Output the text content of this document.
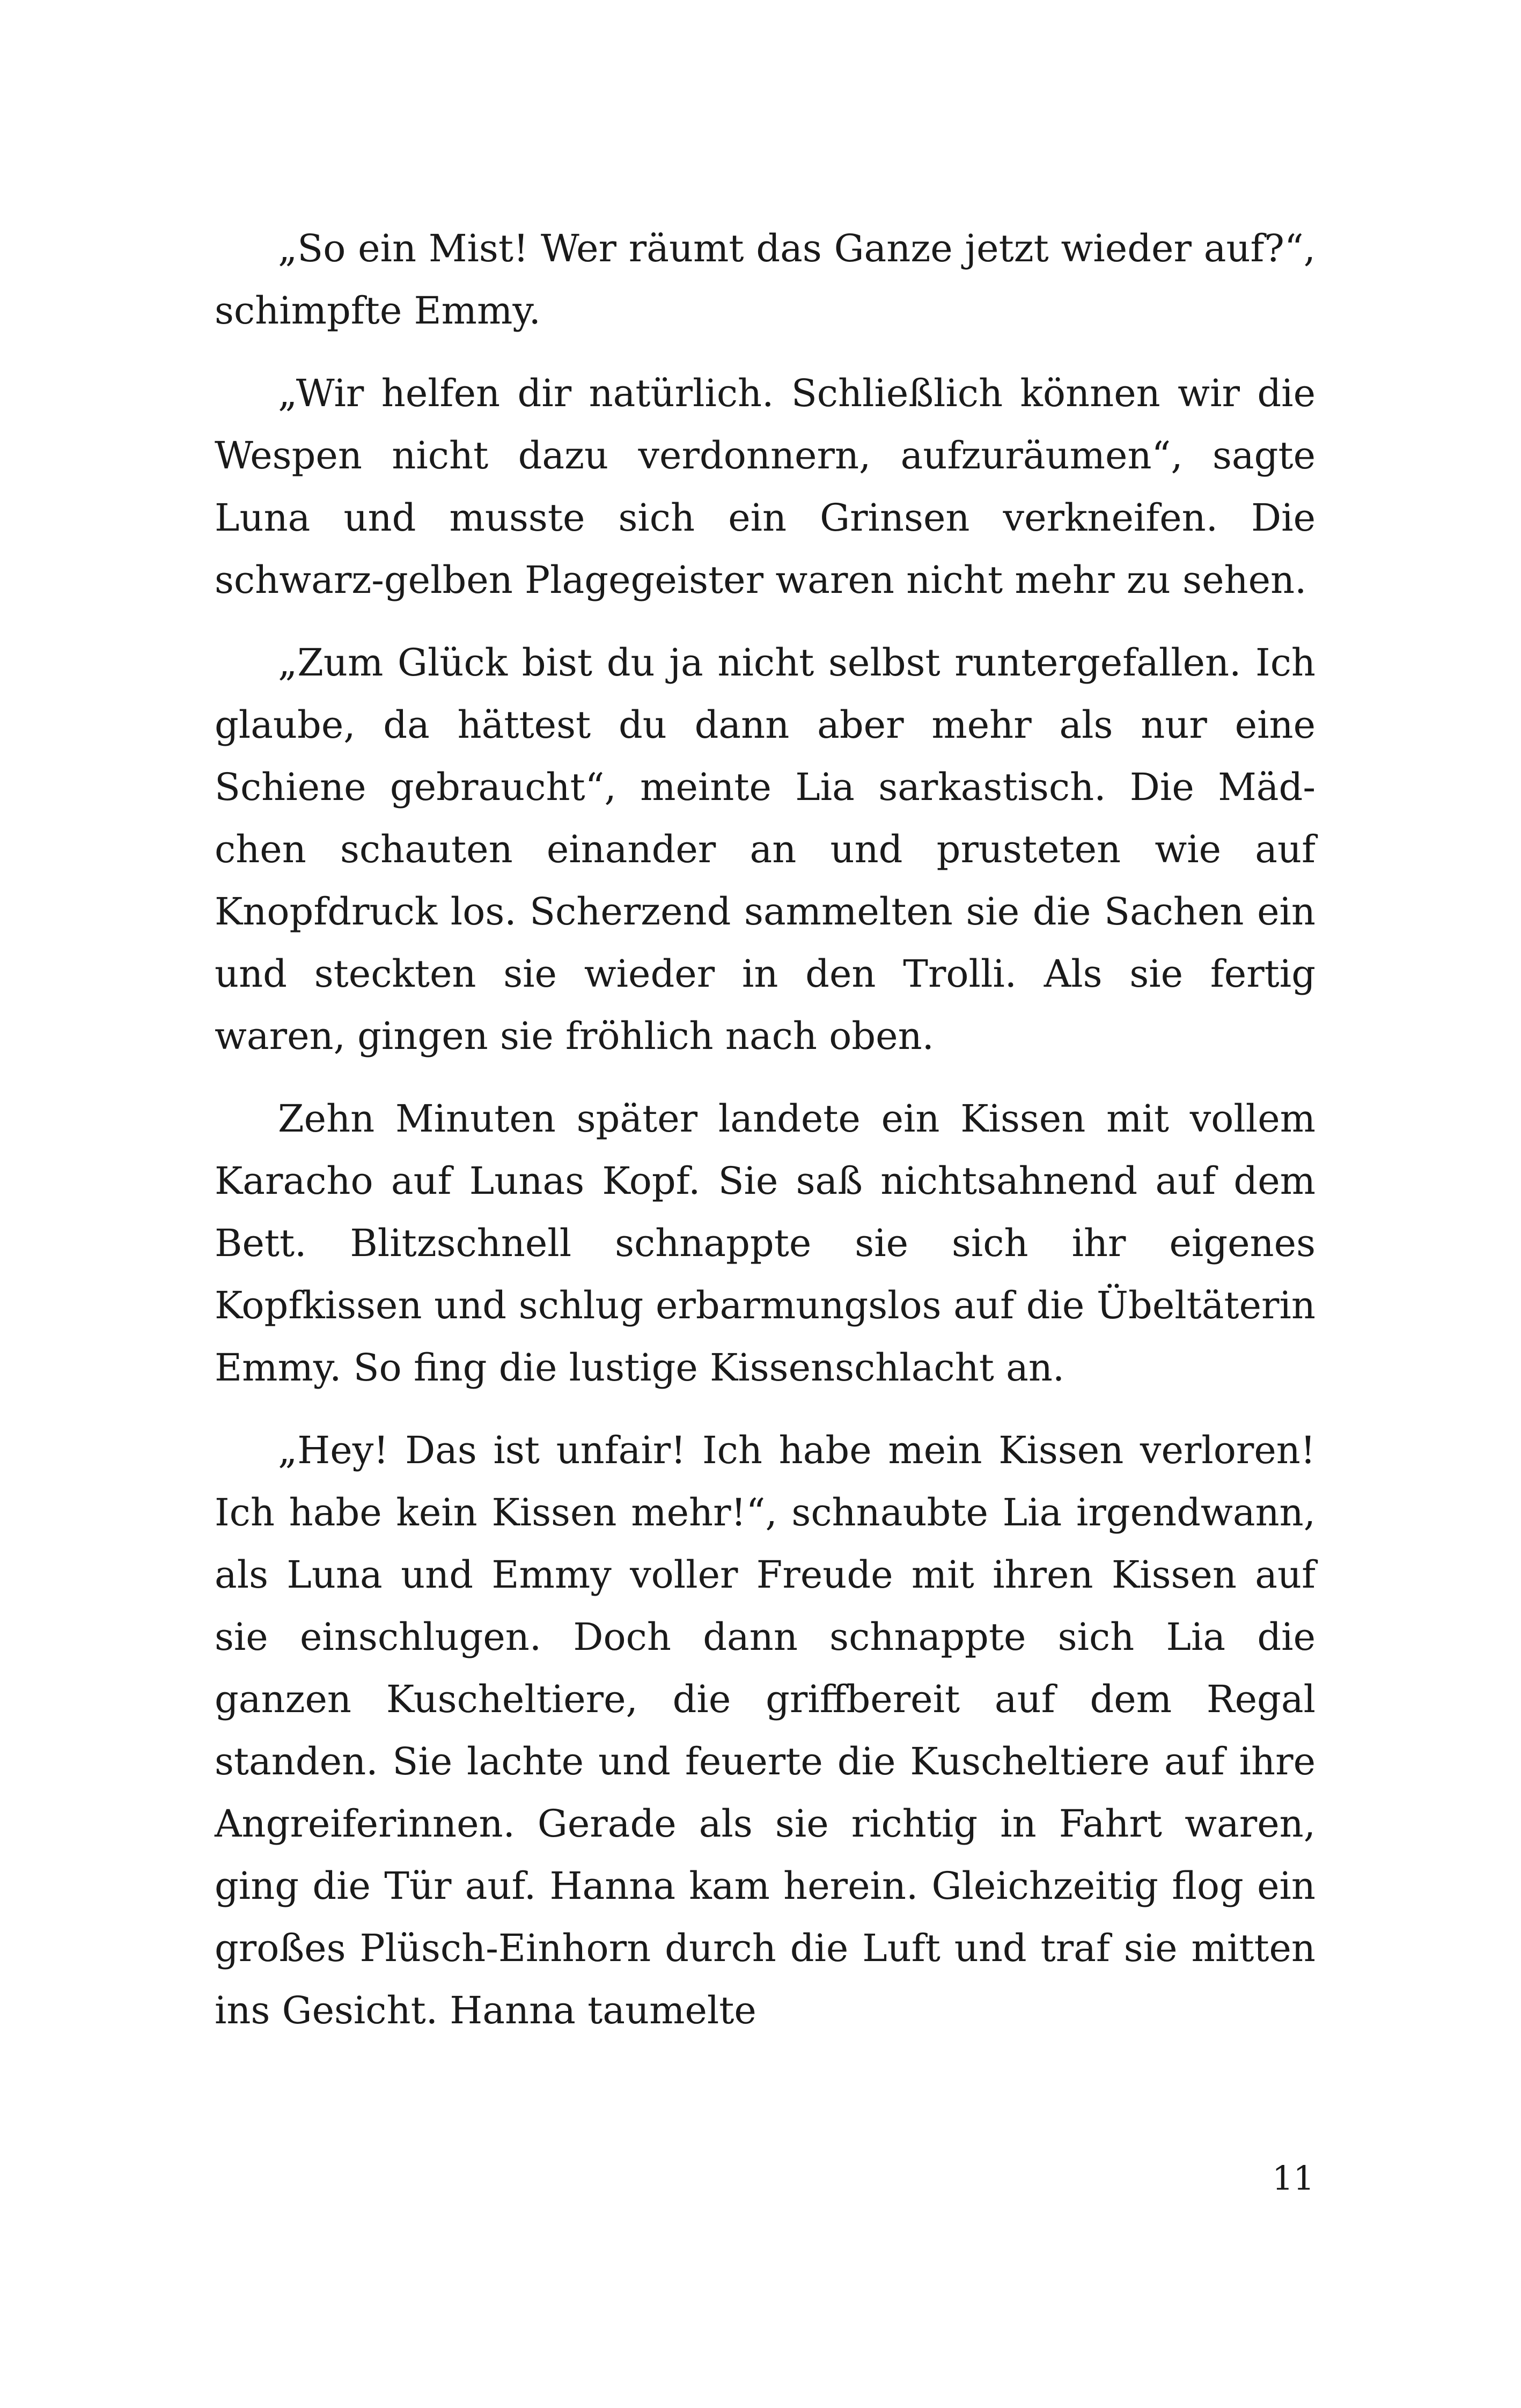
„So ein Mist! Wer räumt das Ganze jetzt wieder auf?“, schimpfte Emmy.

„Wir helfen dir natürlich. Schließlich können wir die Wespen nicht dazu verdonnern, aufzuräumen“, sagte Luna und musste sich ein Grinsen verkneifen. Die schwarz-gelben Plagegeister waren nicht mehr zu sehen.

„Zum Glück bist du ja nicht selbst runtergefallen. Ich glaube, da hättest du dann aber mehr als nur eine Schiene gebraucht“, meinte Lia sarkastisch. Die Mädchen schauten einander an und prusteten wie auf Knopfdruck los. Scherzend sammelten sie die Sachen ein und steckten sie wieder in den Trolli. Als sie fertig waren, gingen sie fröhlich nach oben.

Zehn Minuten später landete ein Kissen mit vollem Karacho auf Lunas Kopf. Sie saß nichtsahnend auf dem Bett. Blitzschnell schnappte sie sich ihr eigenes Kopfkissen und schlug erbarmungslos auf die Übeltäterin Emmy. So fing die lustige Kissenschlacht an.

„Hey! Das ist unfair! Ich habe mein Kissen verloren! Ich habe kein Kissen mehr!“, schnaubte Lia irgendwann, als Luna und Emmy voller Freude mit ihren Kissen auf sie einschlugen. Doch dann schnappte sich Lia die ganzen Kuscheltiere, die griffbereit auf dem Regal standen. Sie lachte und feuerte die Kuscheltiere auf ihre Angreiferinnen. Gerade als sie richtig in Fahrt waren, ging die Tür auf. Hanna kam herein. Gleichzeitig flog ein großes Plüsch-Einhorn durch die Luft und traf sie mitten ins Gesicht. Hanna taumelte

11
